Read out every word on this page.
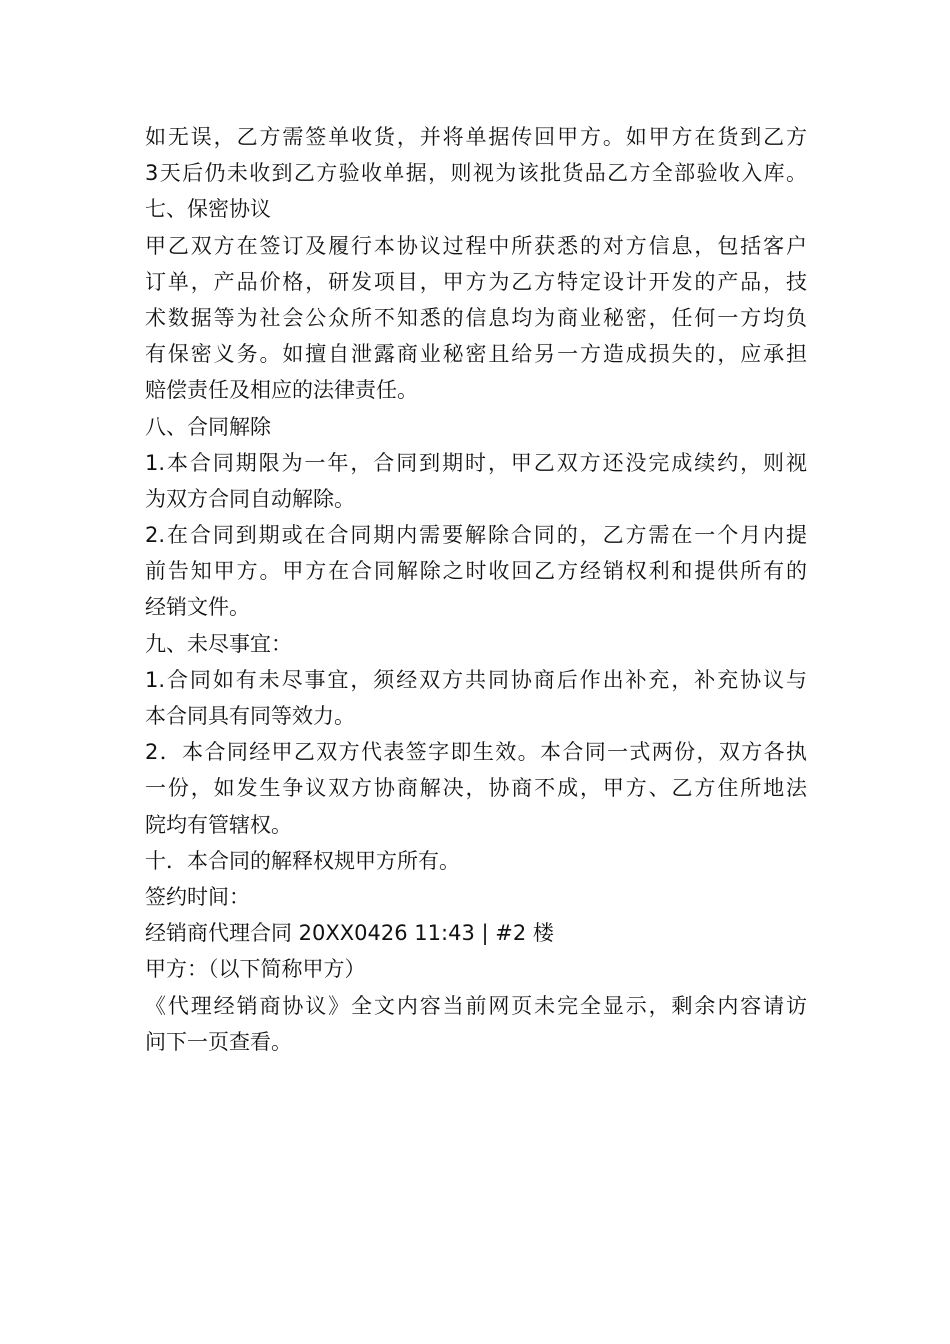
如无误，乙方需签单收货，并将单据传回甲方。如甲方在货到乙方
3天后仍未收到乙方验收单据，则视为该批货品乙方全部验收入库。
七、保密协议
甲乙双方在签订及履行本协议过程中所获悉的对方信息，包括客户
订单，产品价格，研发项目，甲方为乙方特定设计开发的产品，技
术数据等为社会公众所不知悉的信息均为商业秘密，任何一方均负
有保密义务。如擅自泄露商业秘密且给另一方造成损失的，应承担
赔偿责任及相应的法律责任。
八、合同解除
1.本合同期限为一年，合同到期时，甲乙双方还没完成续约，则视
为双方合同自动解除。
2.在合同到期或在合同期内需要解除合同的，乙方需在一个月内提
前告知甲方。甲方在合同解除之时收回乙方经销权利和提供所有的
经销文件。
九、未尽事宜：
1.合同如有未尽事宜，须经双方共同协商后作出补充，补充协议与
本合同具有同等效力。
2．本合同经甲乙双方代表签字即生效。本合同一式两份，双方各执
一份，如发生争议双方协商解决，协商不成，甲方、乙方住所地法
院均有管辖权。
十．本合同的解释权规甲方所有。
签约时间：
经销商代理合同 20XX0426 11:43 | #2 楼
甲方：（以下简称甲方）
《代理经销商协议》全文内容当前网页未完全显示，剩余内容请访
问下一页查看。
